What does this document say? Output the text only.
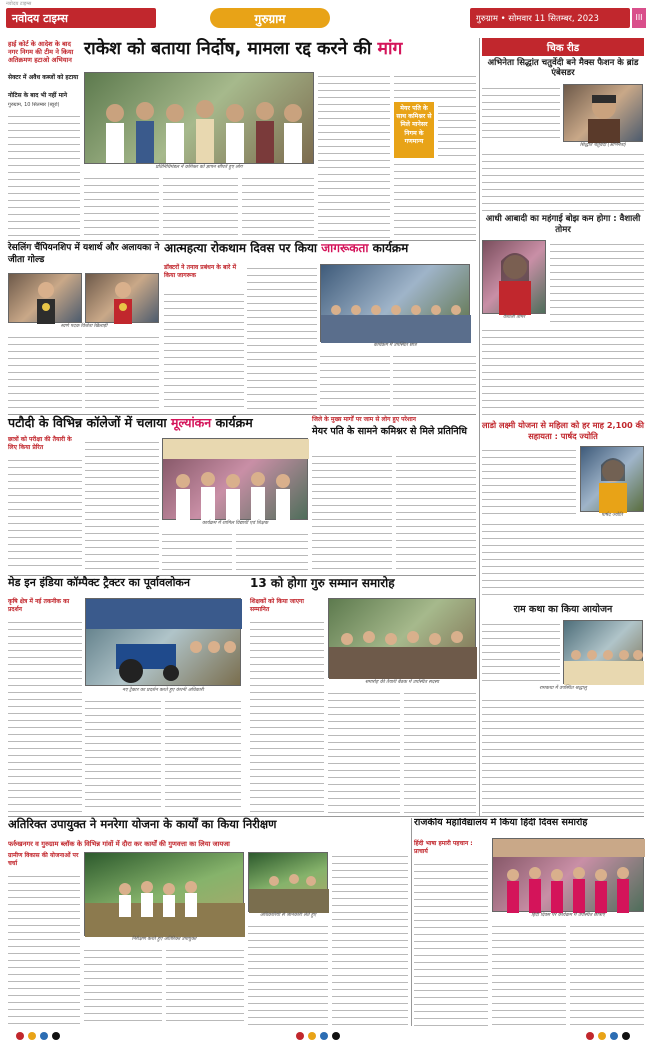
नवोदय टाइम्स
नवोदय टाइम्स	गुरुग्राम	गुरुग्राम • सोमवार 11 सितम्बर, 2023	III
हाई कोर्ट के आदेश के बाद नगर निगम की टीम ने किया अतिक्रमण हटाओ अभियान
सेक्टर में अवैध कब्जों को हटाया
नोटिस के बाद भी नहीं माने
गुरुग्राम, 10 सितम्बर (ब्यूरो)
राकेश को बताया निर्दोष, मामला रद्द करने की मांग
प्रतिनिधिमंडल ने कमिश्नर को ज्ञापन सौंपते हुए लोग
मेयर पति के साथ कमिश्नर से मिले मानेसर निगम के गणमान्य
रेसलिंग चैंपियनशिप में यशार्थ और अलायका ने जीता गोल्ड
स्वर्ण पदक विजेता खिलाड़ी
आत्महत्या रोकथाम दिवस पर किया जागरूकता कार्यक्रम
डॉक्टरों ने तनाव प्रबंधन के बारे में किया जागरूक
कार्यक्रम में उपस्थित छात्र
पटौदी के विभिन्न कॉलेजों में चलाया मूल्यांकन कार्यक्रम
छात्रों को परीक्षा की तैयारी के लिए किया प्रेरित
कार्यक्रम में शामिल विद्यार्थी एवं शिक्षक
जिले के मुख्य मार्गों पर जाम से लोग हुए परेशान
मेयर पति के सामने कमिश्नर से मिले प्रतिनिधि
मेड इन इंडिया कॉम्पैक्ट ट्रैक्टर का पूर्वावलोकन
कृषि क्षेत्र में नई तकनीक का प्रदर्शन
नए ट्रैक्टर का प्रदर्शन करते हुए कंपनी अधिकारी
13 को होगा गुरु सम्मान समारोह
शिक्षकों को किया जाएगा सम्मानित
समारोह की तैयारी बैठक में उपस्थित सदस्य
चिक रीड
अभिनेता सिद्धांत चतुर्वेदी बने मैक्स फैशन के ब्रांड एंबेसडर
सिद्धांत चतुर्वेदी (अभिनेता)
आधी आबादी का महंगाई बोझ कम होगा : वैशाली तोमर
वैशाली तोमर
लाडो लक्ष्मी योजना से महिला को हर माह 2,100 की सहायता : पार्षद ज्योति
पार्षद ज्योति
राम कथा का किया आयोजन
रामकथा में उपस्थित श्रद्धालु
अतिरिक्त उपायुक्त ने मनरेगा योजना के कार्यों का किया निरीक्षण
फर्रुखनगर व गुरुग्राम ब्लॉक के विभिन्न गांवों में दौरा कर कार्यों की गुणवत्ता का लिया जायजा
ग्रामीण विकास की योजनाओं पर चर्चा
निरीक्षण करते हुए अतिरिक्त उपायुक्त
अधिकारियों से जानकारी लेते हुए
राजकीय महाविद्यालय में किया हिंदी दिवस समारोह
हिंदी भाषा हमारी पहचान : प्राचार्य
हिंदी दिवस पर कार्यक्रम में उपस्थित छात्राएं
